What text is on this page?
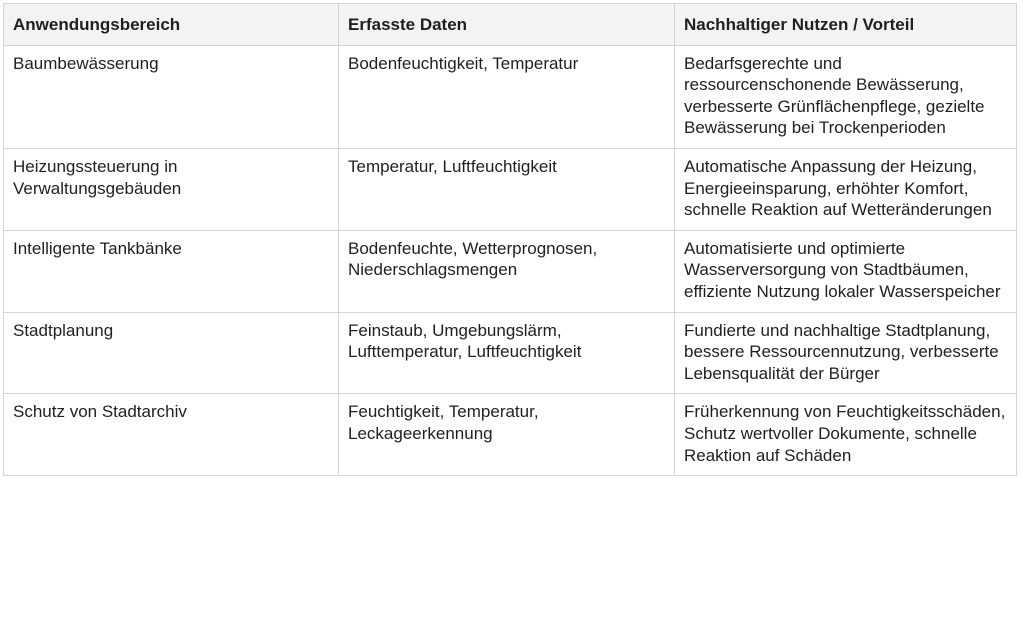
Anwendungsbereich	Erfasste Daten	Nachhaltiger Nutzen / Vorteil

Baumbewässerung	Bodenfeuchtigkeit, Temperatur	Bedarfsgerechte und ressourcenschonende Bewässerung, verbesserte Grünflächenpflege, gezielte Bewässerung bei Trockenperioden

Heizungssteuerung in Verwaltungsgebäuden	Temperatur, Luftfeuchtigkeit	Automatische Anpassung der Heizung, Energieeinsparung, erhöhter Komfort, schnelle Reaktion auf Wetteränderungen

Intelligente Tankbänke	Bodenfeuchte, Wetterprognosen, Niederschlagsmengen	Automatisierte und optimierte Wasserversorgung von Stadtbäumen, effiziente Nutzung lokaler Wasserspeicher

Stadtplanung	Feinstaub, Umgebungslärm, Lufttemperatur, Luftfeuchtigkeit	Fundierte und nachhaltige Stadtplanung, bessere Ressourcennutzung, verbesserte Lebensqualität der Bürger

Schutz von Stadtarchiv	Feuchtigkeit, Temperatur, Leckageerkennung	Früherkennung von Feuchtigkeitsschäden, Schutz wertvoller Dokumente, schnelle Reaktion auf Schäden
